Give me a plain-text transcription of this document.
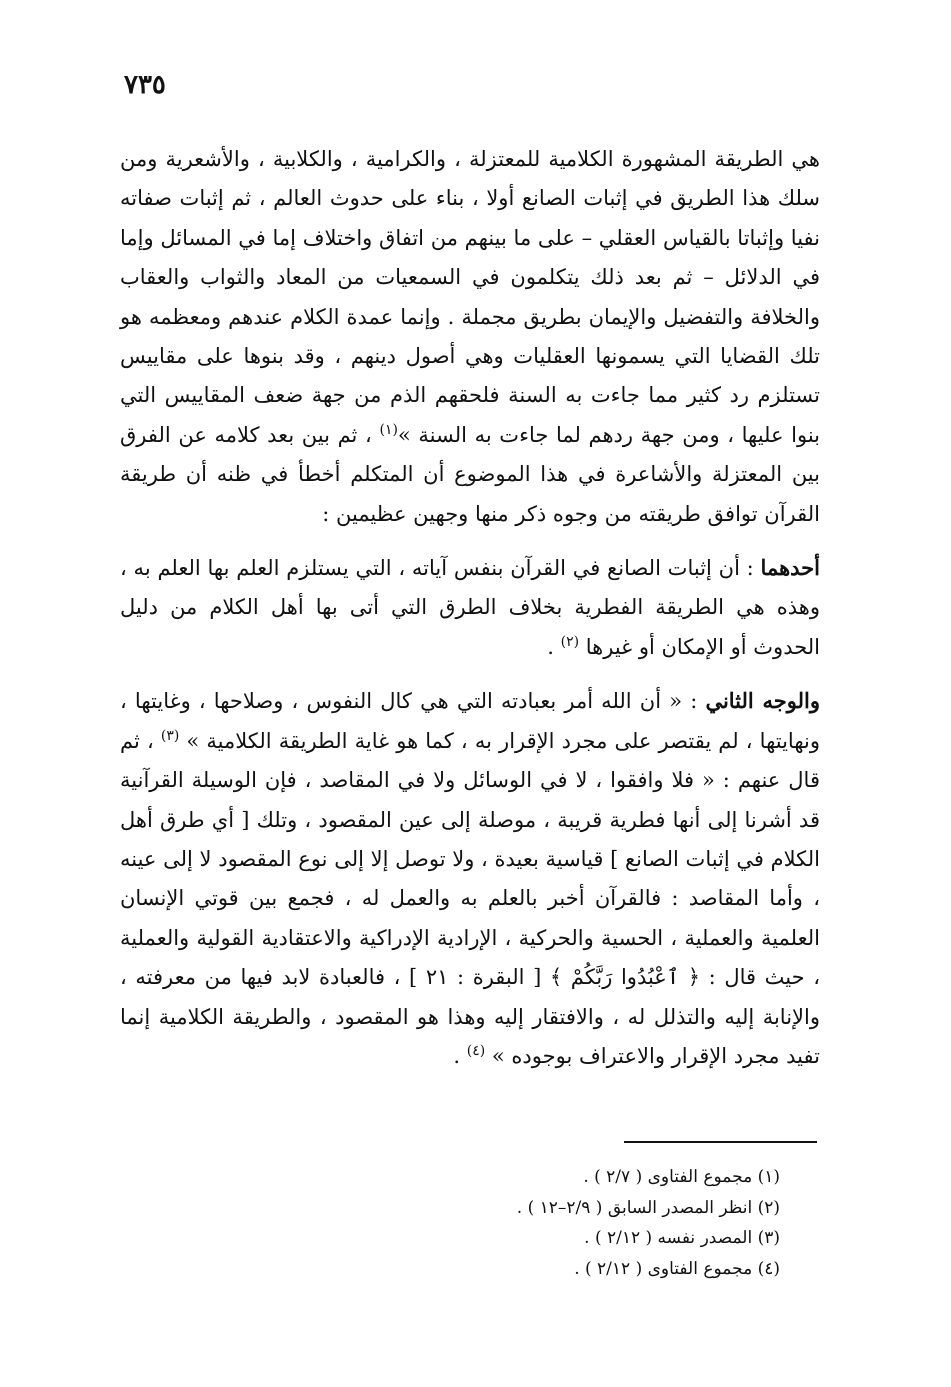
٧٣٥

هي الطريقة المشهورة الكلامية للمعتزلة ، والكرامية ، والكلابية ، والأشعرية ومن سلك هذا الطريق في إثبات الصانع أولا ، بناء على حدوث العالم ، ثم إثبات صفاته نفيا وإثباتا بالقياس العقلي – على ما بينهم من اتفاق واختلاف إما في المسائل وإما في الدلائل – ثم بعد ذلك يتكلمون في السمعيات من المعاد والثواب والعقاب والخلافة والتفضيل والإيمان بطريق مجملة . وإنما عمدة الكلام عندهم ومعظمه هو تلك القضايا التي يسمونها العقليات وهي أصول دينهم ، وقد بنوها على مقاييس تستلزم رد كثير مما جاءت به السنة فلحقهم الذم من جهة ضعف المقاييس التي بنوا عليها ، ومن جهة ردهم لما جاءت به السنة »$^{(١)}$ ، ثم بين بعد كلامه عن الفرق بين المعتزلة والأشاعرة في هذا الموضوع أن المتكلم أخطأ في ظنه أن طريقة القرآن توافق طريقته من وجوه ذكر منها وجهين عظيمين :

أحدهما : أن إثبات الصانع في القرآن بنفس آياته ، التي يستلزم العلم بها العلم به ، وهذه هي الطريقة الفطرية بخلاف الطرق التي أتى بها أهل الكلام من دليل الحدوث أو الإمكان أو غيرها $^{(٢)}$ .

والوجه الثاني : « أن الله أمر بعبادته التي هي كال النفوس ، وصلاحها ، وغايتها ، ونهايتها ، لم يقتصر على مجرد الإقرار به ، كما هو غاية الطريقة الكلامية » $^{(٣)}$ ، ثم قال عنهم : « فلا وافقوا ، لا في الوسائل ولا في المقاصد ، فإن الوسيلة القرآنية قد أشرنا إلى أنها فطرية قريبة ، موصلة إلى عين المقصود ، وتلك [ أي طرق أهل الكلام في إثبات الصانع ] قياسية بعيدة ، ولا توصل إلا إلى نوع المقصود لا إلى عينه ، وأما المقاصد : فالقرآن أخبر بالعلم به والعمل له ، فجمع بين قوتي الإنسان العلمية والعملية ، الحسية والحركية ، الإرادية الإدراكية والاعتقادية القولية والعملية ، حيث قال : ﴿ ٱعْبُدُوا رَبَّكُمْ ﴾ [ البقرة : ٢١ ] ، فالعبادة لابد فيها من معرفته ، والإنابة إليه والتذلل له ، والافتقار إليه وهذا هو المقصود ، والطريقة الكلامية إنما تفيد مجرد الإقرار والاعتراف بوجوده » $^{(٤)}$ .

(١) مجموع الفتاوى ( ٢/٧ ) .
(٢) انظر المصدر السابق ( ٢/٩–١٢ ) .
(٣) المصدر نفسه ( ٢/١٢ ) .
(٤) مجموع الفتاوى ( ٢/١٢ ) .
